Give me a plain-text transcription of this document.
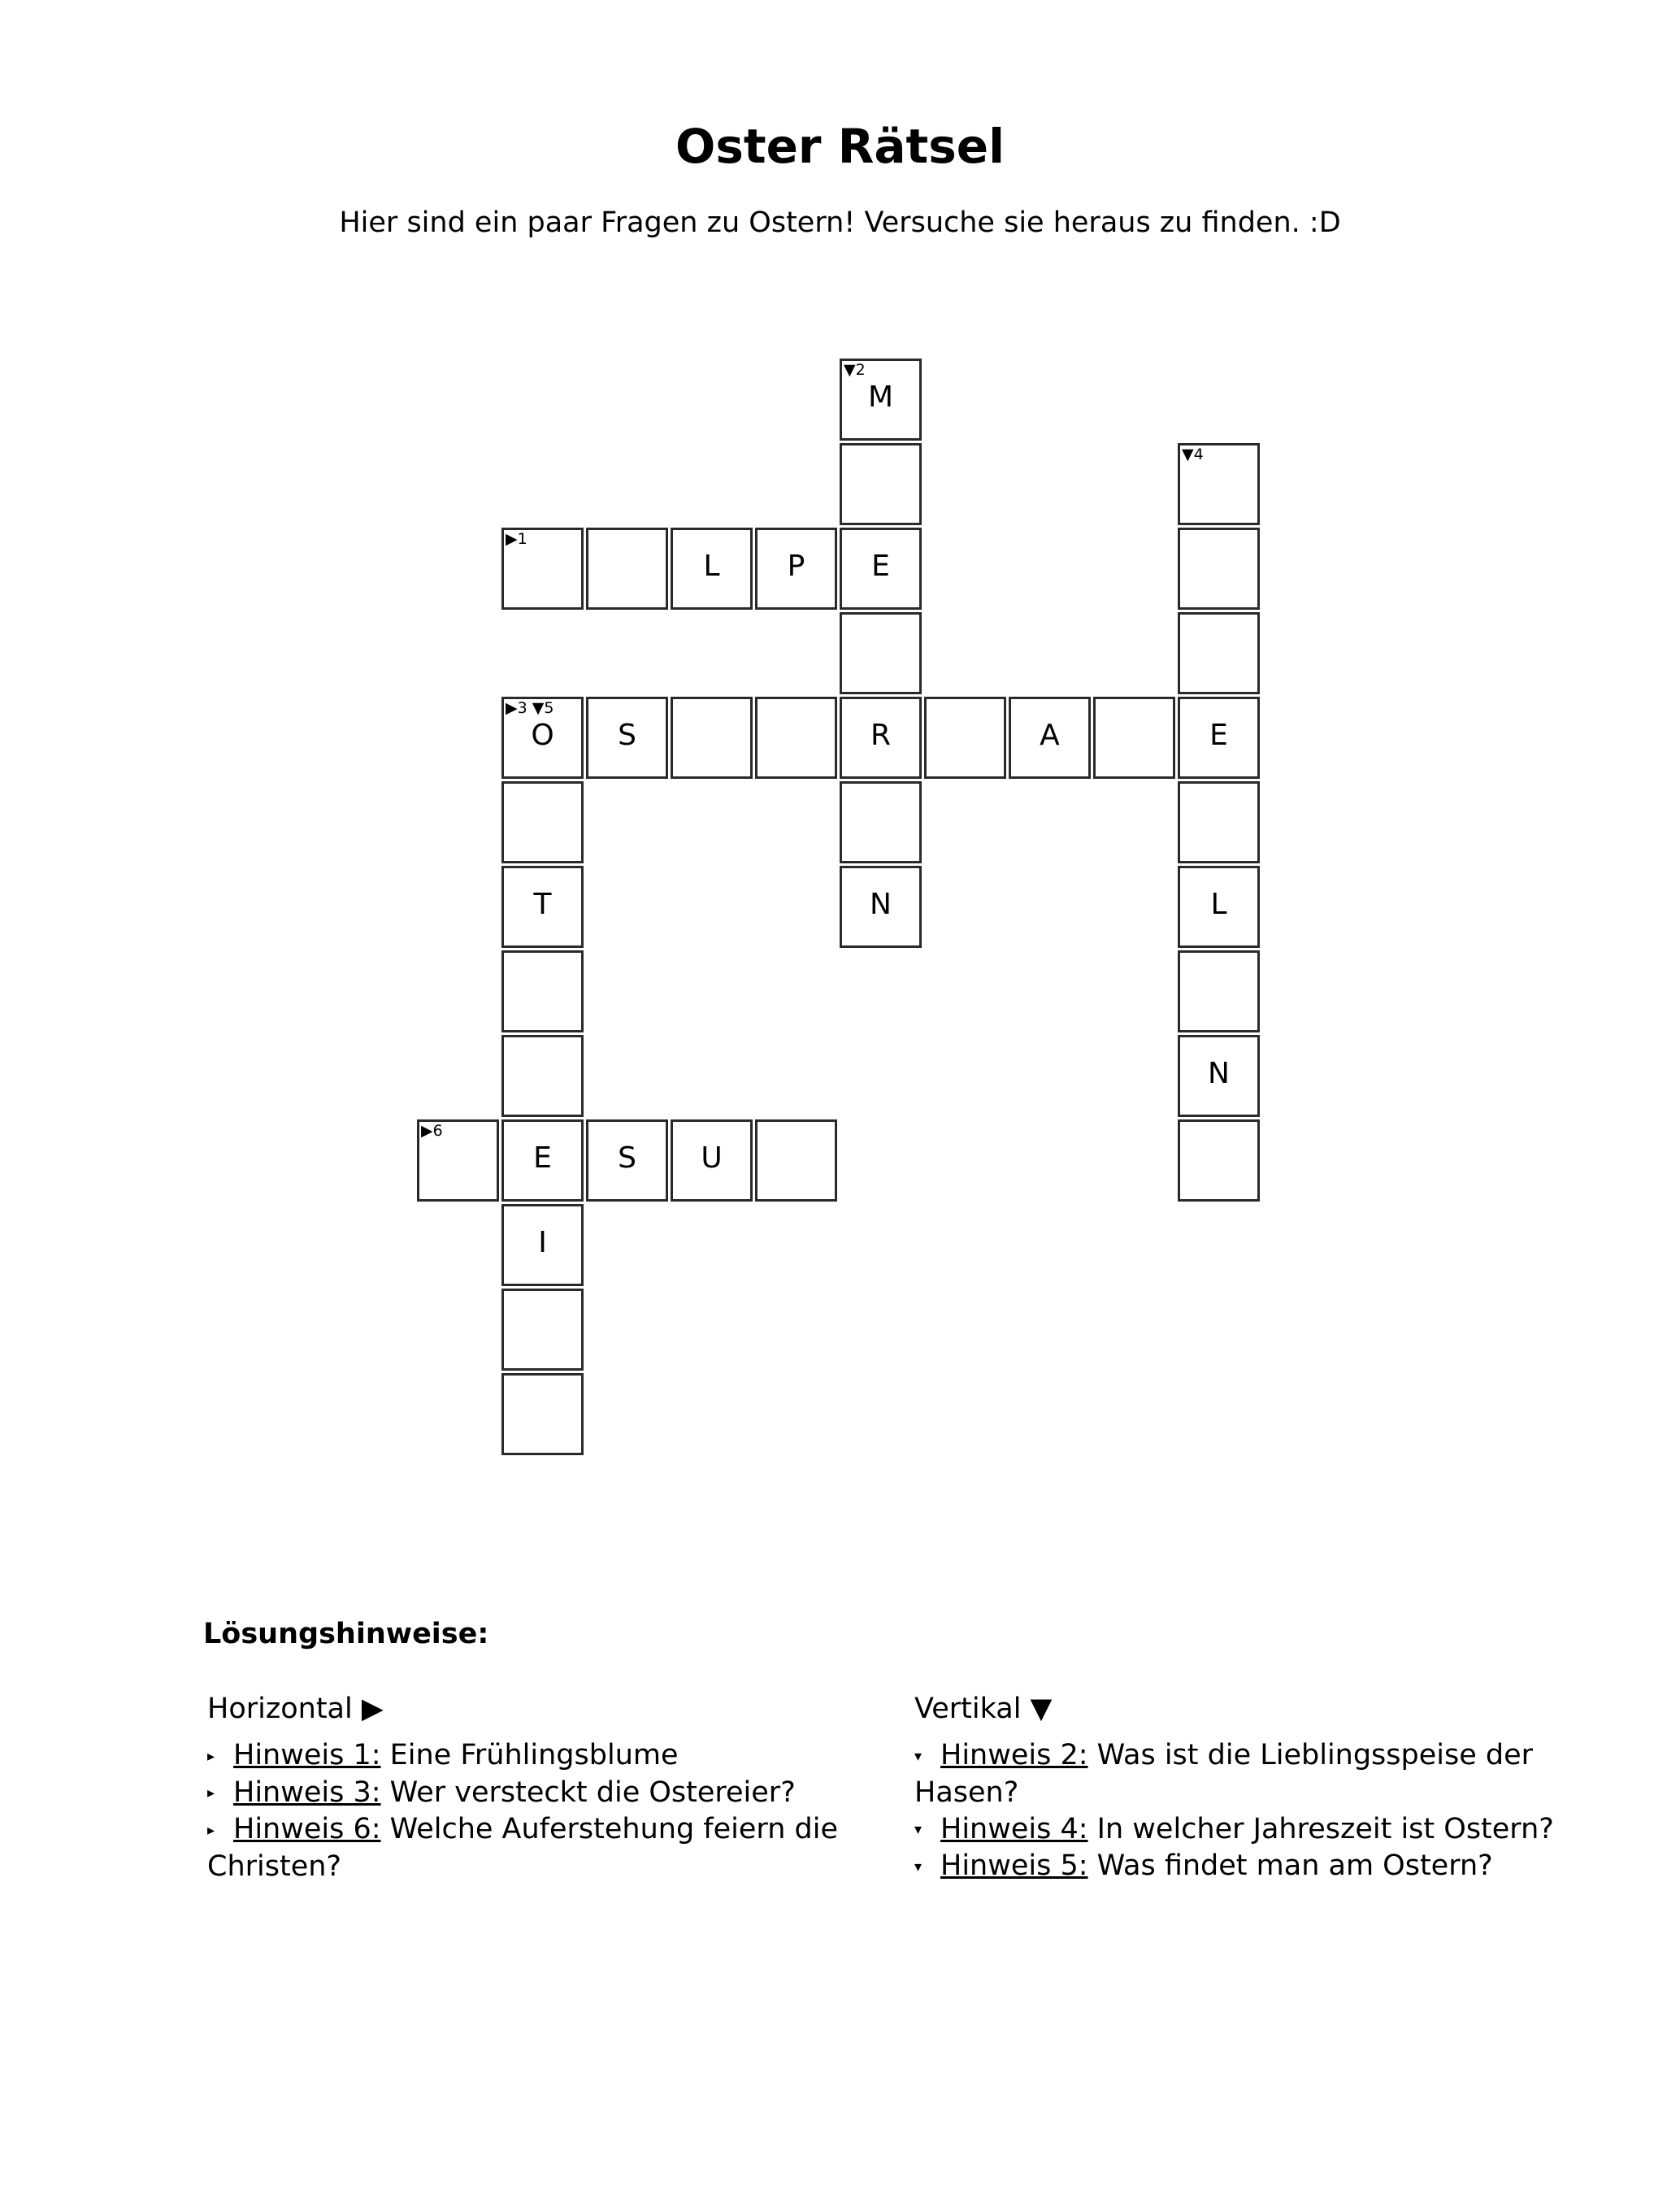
Oster Rätsel
Hier sind ein paar Fragen zu Ostern! Versuche sie heraus zu finden. :D
▼2
M
▼4
▶1
L	P	E
▶3 ▼5
O	S	R	A	E
T	N	L
N
▶6
E	S	U
I
Lösungshinweise:
Horizontal ▶
▸ Hinweis 1: Eine Frühlingsblume
▸ Hinweis 3: Wer versteckt die Ostereier?
▸ Hinweis 6: Welche Auferstehung feiern die Christen?
Vertikal ▼
▾ Hinweis 2: Was ist die Lieblingsspeise der Hasen?
▾ Hinweis 4: In welcher Jahreszeit ist Ostern?
▾ Hinweis 5: Was findet man am Ostern?
